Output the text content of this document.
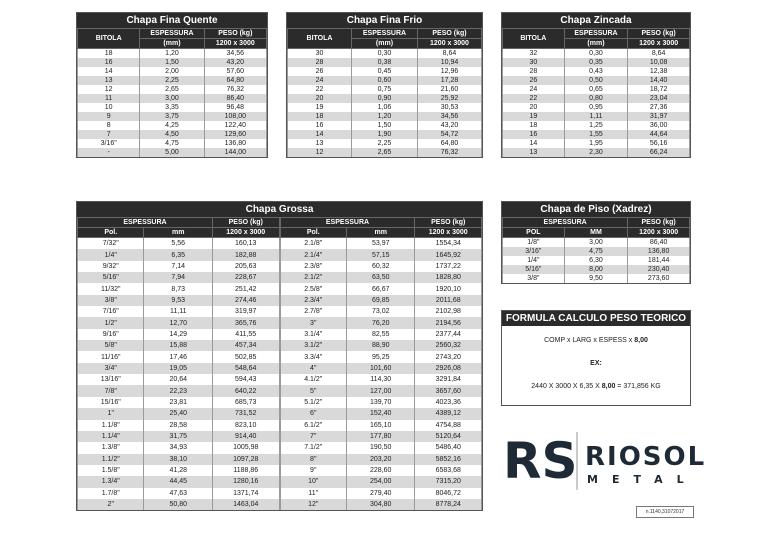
Chapa Fina Quente
BITOLA	ESPESSURA	PESO (kg)
	(mm)	1200 x 3000
18	1,20	34,56
16	1,50	43,20
14	2,00	57,60
13	2,25	64,80
12	2,65	76,32
11	3,00	86,40
10	3,35	96,48
9	3,75	108,00
8	4,25	122,40
7	4,50	129,60
3/16"	4,75	136,80
-	5,00	144,00
Chapa Fina Frio
BITOLA	ESPESSURA	PESO (kg)
	(mm)	1200 x 3000
30	0,30	8,64
28	0,38	10,94
26	0,45	12,96
24	0,60	17,28
22	0,75	21,60
20	0,90	25,92
19	1,06	30,53
18	1,20	34,56
16	1,50	43,20
14	1,90	54,72
13	2,25	64,80
12	2,65	76,32
Chapa Zincada
BITOLA	ESPESSURA	PESO (kg)
	(mm)	1200 x 3000
32	0,30	8,64
30	0,35	10,08
28	0,43	12,38
26	0,50	14,40
24	0,65	18,72
22	0,80	23,04
20	0,95	27,36
19	1,11	31,97
18	1,25	36,00
16	1,55	44,64
14	1,95	56,16
13	2,30	66,24
Chapa Grossa
ESPESSURA		PESO (kg)
Pol.	mm	1200 x 3000
7/32"	5,56	160,13
1/4"	6,35	182,88
9/32"	7,14	205,63
5/16"	7,94	228,67
11/32"	8,73	251,42
3/8"	9,53	274,46
7/16"	11,11	319,97
1/2"	12,70	365,76
9/16"	14,29	411,55
5/8"	15,88	457,34
11/16"	17,46	502,85
3/4"	19,05	548,64
13/16"	20,64	594,43
7/8"	22,23	640,22
15/16"	23,81	685,73
1"	25,40	731,52
1.1/8"	28,58	823,10
1.1/4"	31,75	914,40
1.3/8"	34,93	1005,98
1.1/2"	38,10	1097,28
1.5/8"	41,28	1188,86
1.3/4"	44,45	1280,16
1.7/8"	47,63	1371,74
2"	50,80	1463,04
ESPESSURA		PESO (kg)
Pol.	mm	1200 x 3000
2.1/8"	53,97	1554,34
2.1/4"	57,15	1645,92
2.3/8"	60,32	1737,22
2.1/2"	63,50	1828,80
2.5/8"	66,67	1920,10
2.3/4"	69,85	2011,68
2.7/8"	73,02	2102,98
3"	76,20	2194,56
3.1/4"	82,55	2377,44
3.1/2"	88,90	2560,32
3.3/4"	95,25	2743,20
4"	101,60	2926,08
4.1/2"	114,30	3291,84
5"	127,00	3657,60
5.1/2"	139,70	4023,36
6"	152,40	4389,12
6.1/2"	165,10	4754,88
7"	177,80	5120,64
7.1/2"	190,50	5486,40
8"	203,20	5852,16
9"	228,60	6583,68
10"	254,00	7315,20
11"	279,40	8046,72
12"	304,80	8778,24
Chapa de Piso (Xadrez)
ESPESSURA		PESO (kg)
POL	MM	1200 x 3000
1/8"	3,00	86,40
3/16"	4,75	136,80
1/4"	6,30	181,44
5/16"	8,00	230,40
3/8"	9,50	273,60
FORMULA CALCULO PESO TEORICO
COMP x LARG x ESPESS x 8,00
EX:
2440 X 3000 X 6,35 X 8,00 = 371,856 KG
RS RIOSOL
METAL
n.1140,31072017
